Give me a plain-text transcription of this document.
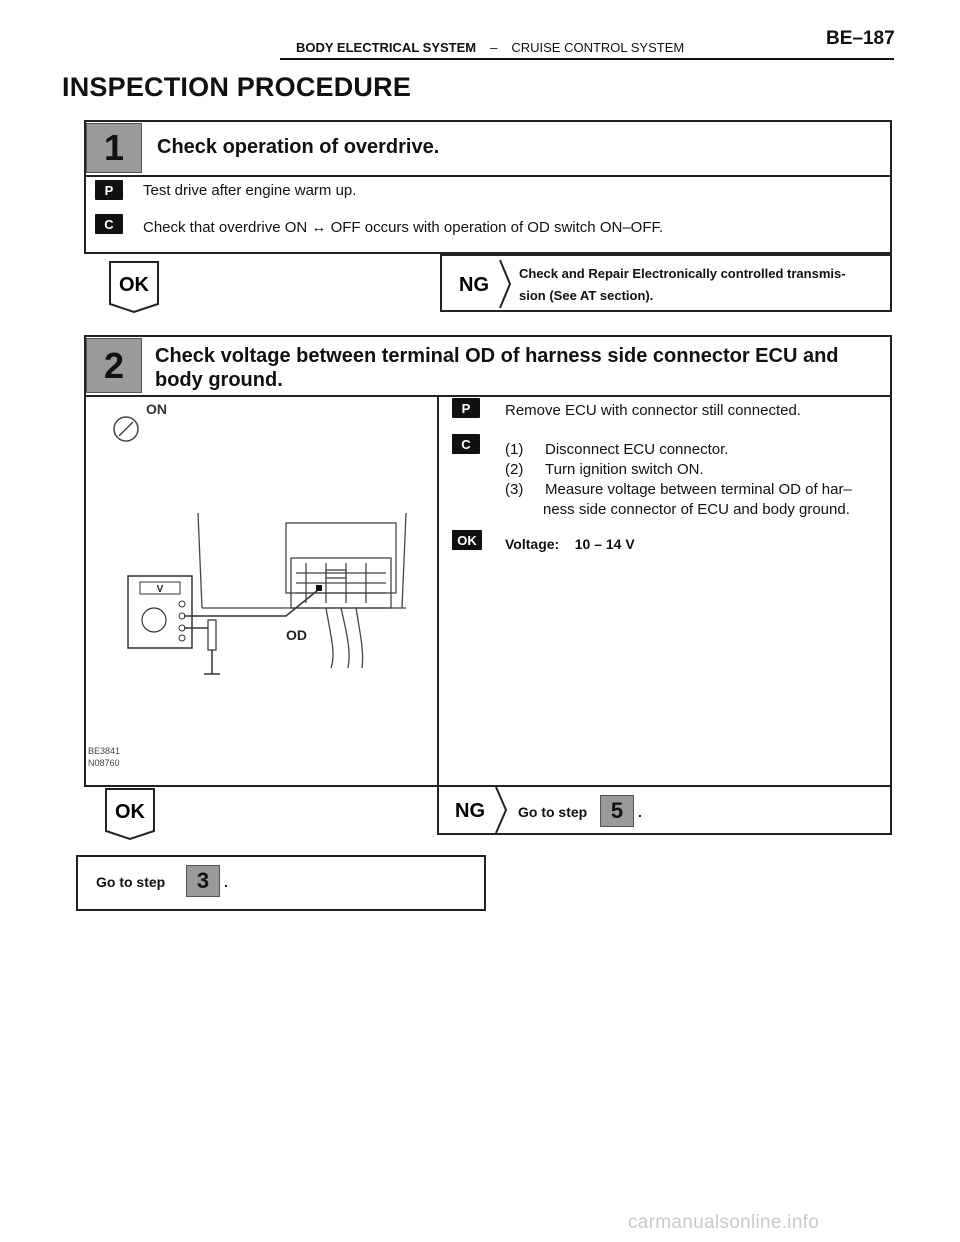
BODY ELECTRICAL SYSTEM – CRUISE CONTROL SYSTEM	BE–187
INSPECTION PROCEDURE
1	Check operation of overdrive.
P	Test drive after engine warm up.
C	Check that overdrive ON ↔ OFF occurs with operation of OD switch ON–OFF.
OK	NG
Check and Repair Electronically controlled transmis-
sion (See AT section).
2	Check voltage between terminal OD of harness side connector ECU and
body ground.
P	Remove ECU with connector still connected.
C	(1)	Disconnect ECU connector.
(2)	Turn ignition switch ON.
(3)	Measure voltage between terminal OD of har–
ness side connector of ECU and body ground.
OK	Voltage:    10 – 14 V
ON
V
OD
BE3841
N08760
OK	NG Go to step	5	.
Go to step	3	.
carmanualsonline.info
